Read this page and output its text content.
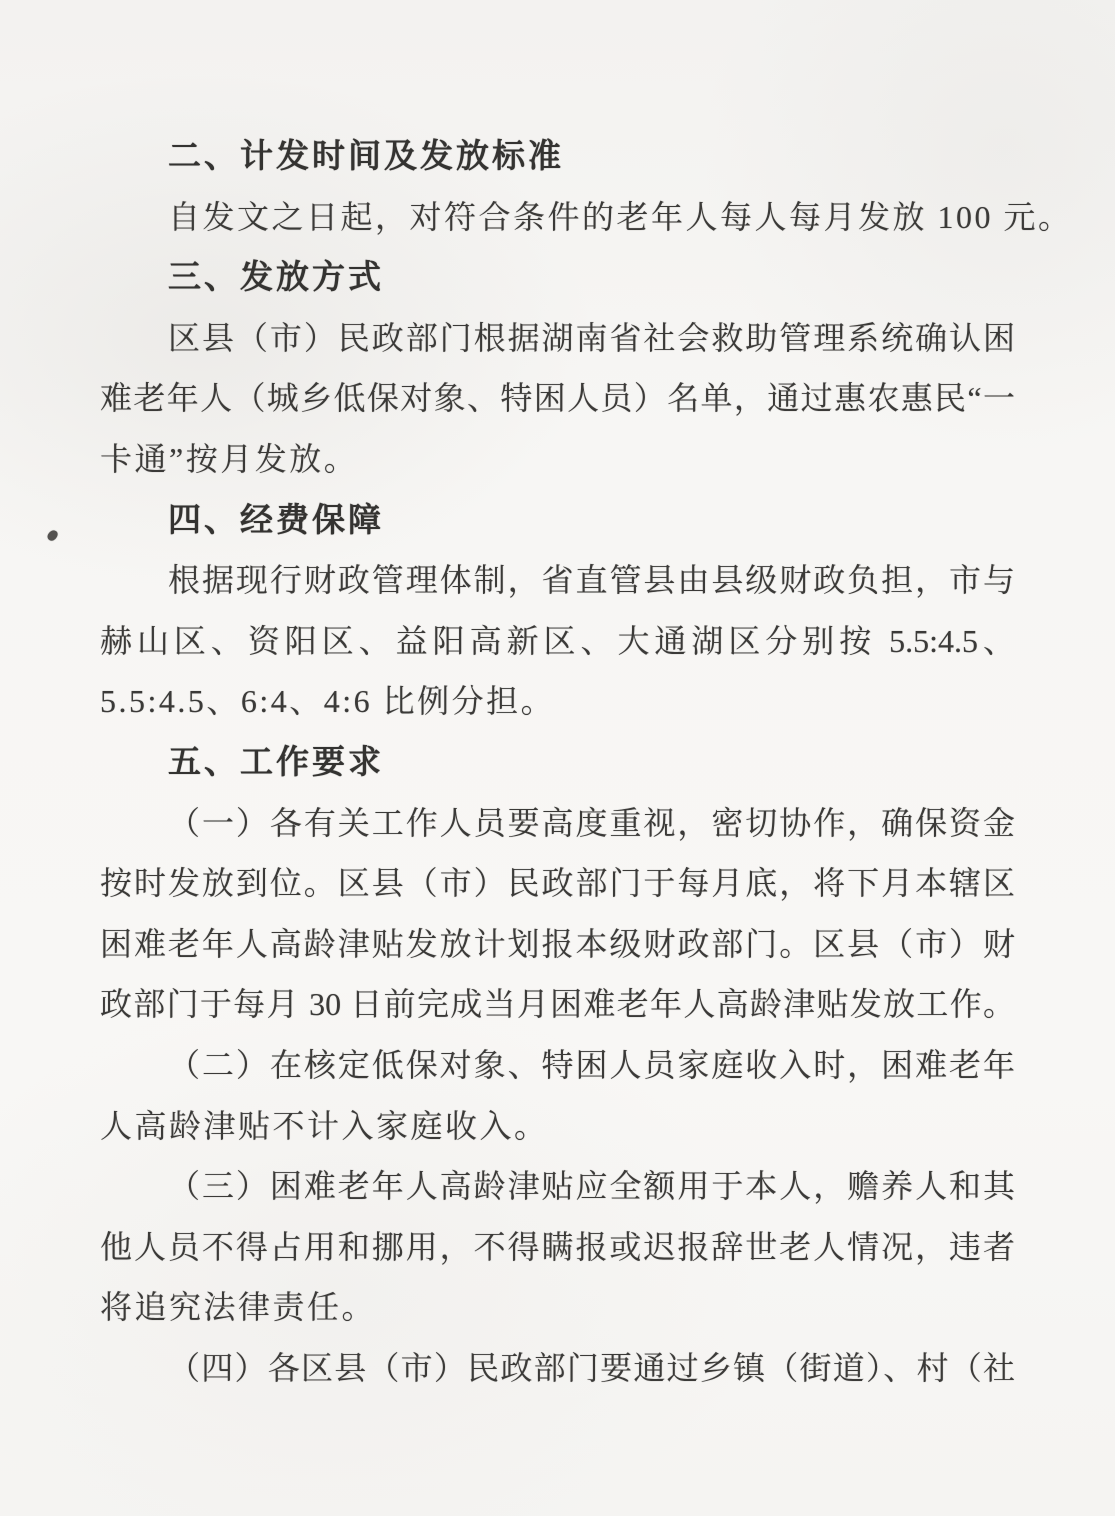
二、计发时间及发放标准
自发文之日起，对符合条件的老年人每人每月发放 100 元。
三、发放方式
区县（市）民政部门根据湖南省社会救助管理系统确认困
难老年人（城乡低保对象、特困人员）名单，通过惠农惠民“一
卡通”按月发放。
四、经费保障
根据现行财政管理体制，省直管县由县级财政负担，市与
赫山区、资阳区、益阳高新区、大通湖区分别按 5.5:4.5、
5.5:4.5、6:4、4:6 比例分担。
五、工作要求
（一）各有关工作人员要高度重视，密切协作，确保资金
按时发放到位。区县（市）民政部门于每月底，将下月本辖区
困难老年人高龄津贴发放计划报本级财政部门。区县（市）财
政部门于每月 30 日前完成当月困难老年人高龄津贴发放工作。
（二）在核定低保对象、特困人员家庭收入时，困难老年
人高龄津贴不计入家庭收入。
（三）困难老年人高龄津贴应全额用于本人，赡养人和其
他人员不得占用和挪用，不得瞒报或迟报辞世老人情况，违者
将追究法律责任。
（四）各区县（市）民政部门要通过乡镇（街道）、村（社
